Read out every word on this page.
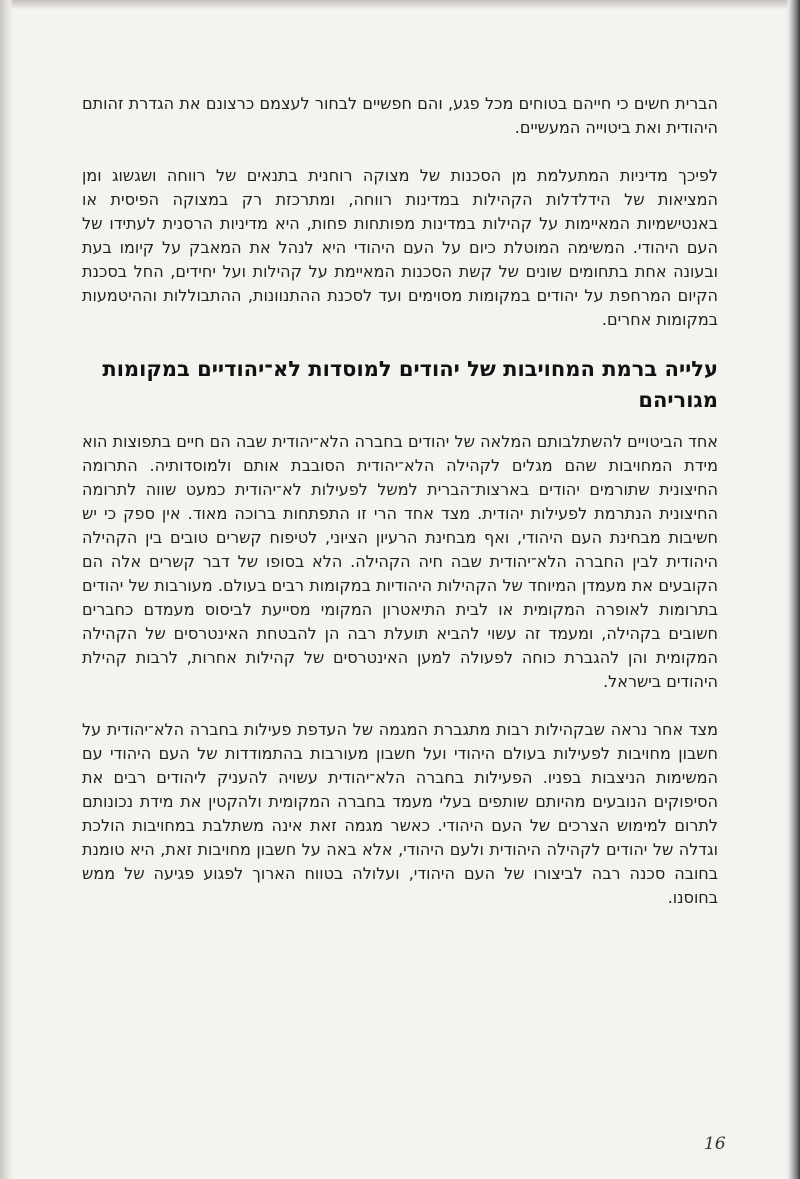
הברית חשים כי חייהם בטוחים מכל פגע, והם חפשיים לבחור לעצמם כרצונם את הגדרת זהותם היהודית ואת ביטוייה המעשיים.

לפיכך מדיניות המתעלמת מן הסכנות של מצוקה רוחנית בתנאים של רווחה ושגשוג ומן המציאות של הידלדלות הקהילות במדינות רווחה, ומתרכזת רק במצוקה הפיסית או באנטישמיות המאיימות על קהילות במדינות מפותחות פחות, היא מדיניות הרסנית לעתידו של העם היהודי. המשימה המוטלת כיום על העם היהודי היא לנהל את המאבק על קיומו בעת ובעונה אחת בתחומים שונים של קשת הסכנות המאיימת על קהילות ועל יחידים, החל בסכנת הקיום המרחפת על יהודים במקומות מסוימים ועד לסכנת ההתנוונות, ההתבוללות וההיטמעות במקומות אחרים.

עלייה ברמת המחויבות של יהודים למוסדות לא־יהודיים במקומות מגוריהם

אחד הביטויים להשתלבותם המלאה של יהודים בחברה הלא־יהודית שבה הם חיים בתפוצות הוא מידת המחויבות שהם מגלים לקהילה הלא־יהודית הסובבת אותם ולמוסדותיה. התרומה החיצונית שתורמים יהודים בארצות־הברית למשל לפעילות לא־יהודית כמעט שווה לתרומה החיצונית הנתרמת לפעילות יהודית. מצד אחד הרי זו התפתחות ברוכה מאוד. אין ספק כי יש חשיבות מבחינת העם היהודי, ואף מבחינת הרעיון הציוני, לטיפוח קשרים טובים בין הקהילה היהודית לבין החברה הלא־יהודית שבה חיה הקהילה. הלא בסופו של דבר קשרים אלה הם הקובעים את מעמדן המיוחד של הקהילות היהודיות במקומות רבים בעולם. מעורבות של יהודים בתרומות לאופרה המקומית או לבית התיאטרון המקומי מסייעת לביסוס מעמדם כחברים חשובים בקהילה, ומעמד זה עשוי להביא תועלת רבה הן להבטחת האינטרסים של הקהילה המקומית והן להגברת כוחה לפעולה למען האינטרסים של קהילות אחרות, לרבות קהילת היהודים בישראל.

מצד אחר נראה שבקהילות רבות מתגברת המגמה של העדפת פעילות בחברה הלא־יהודית על חשבון מחויבות לפעילות בעולם היהודי ועל חשבון מעורבות בהתמודדות של העם היהודי עם המשימות הניצבות בפניו. הפעילות בחברה הלא־יהודית עשויה להעניק ליהודים רבים את הסיפוקים הנובעים מהיותם שותפים בעלי מעמד בחברה המקומית ולהקטין את מידת נכונותם לתרום למימוש הצרכים של העם היהודי. כאשר מגמה זאת אינה משתלבת במחויבות הולכת וגדלה של יהודים לקהילה היהודית ולעם היהודי, אלא באה על חשבון מחויבות זאת, היא טומנת בחובה סכנה רבה לביצורו של העם היהודי, ועלולה בטווח הארוך לפגוע פגיעה של ממש בחוסנו.

16
